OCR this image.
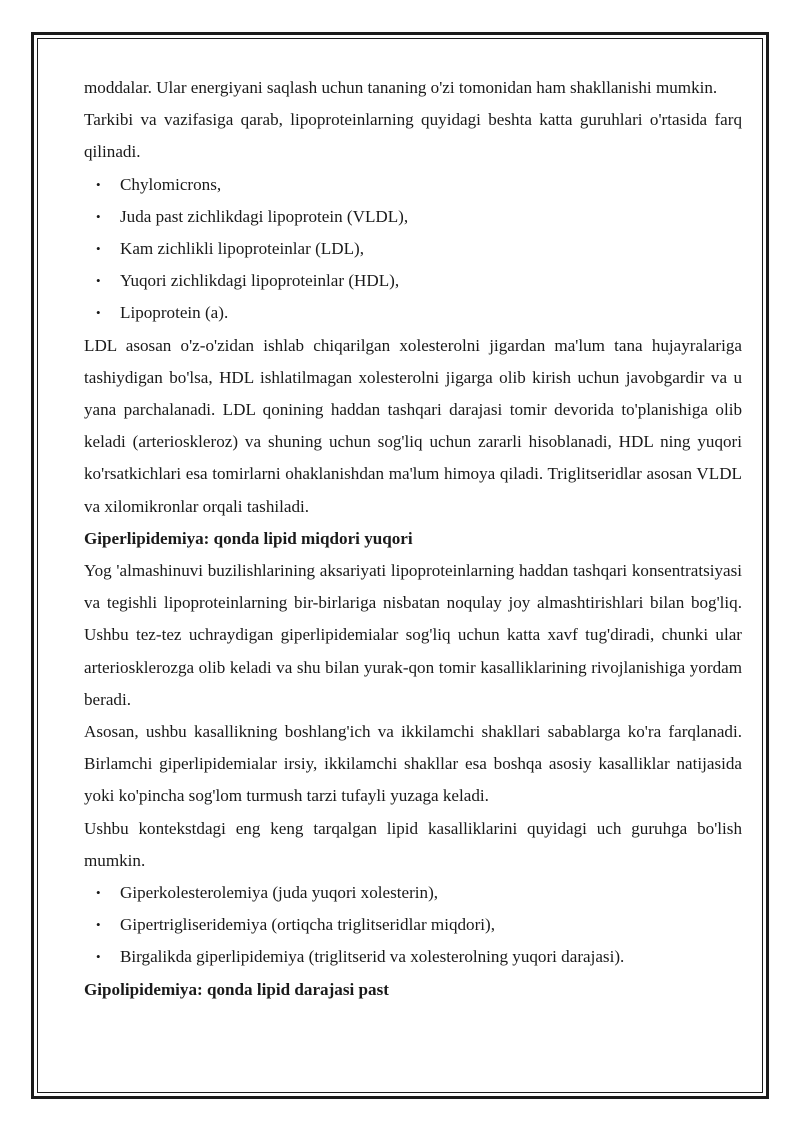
moddalar. Ular energiyani saqlash uchun tananing o'zi tomonidan ham shakllanishi mumkin.

Tarkibi va vazifasiga qarab, lipoproteinlarning quyidagi beshta katta guruhlari o'rtasida farq qilinadi.

• Chylomicrons,
• Juda past zichlikdagi lipoprotein (VLDL),
• Kam zichlikli lipoproteinlar (LDL),
• Yuqori zichlikdagi lipoproteinlar (HDL),
• Lipoprotein (a).

LDL asosan o'z-o'zidan ishlab chiqarilgan xolesterolni jigardan ma'lum tana hujayralariga tashiydigan bo'lsa, HDL ishlatilmagan xolesterolni jigarga olib kirish uchun javobgardir va u yana parchalanadi. LDL qonining haddan tashqari darajasi tomir devorida to'planishiga olib keladi (arterioskleroz) va shuning uchun sog'liq uchun zararli hisoblanadi, HDL ning yuqori ko'rsatkichlari esa tomirlarni ohaklanishdan ma'lum himoya qiladi. Triglitseridlar asosan VLDL va xilomikronlar orqali tashiladi.

Giperlipidemiya: qonda lipid miqdori yuqori

Yog 'almashinuvi buzilishlarining aksariyati lipoproteinlarning haddan tashqari konsentratsiyasi va tegishli lipoproteinlarning bir-birlariga nisbatan noqulay joy almashtirishlari bilan bog'liq. Ushbu tez-tez uchraydigan giperlipidemialar sog'liq uchun katta xavf tug'diradi, chunki ular arteriosklerozga olib keladi va shu bilan yurak-qon tomir kasalliklarining rivojlanishiga yordam beradi.

Asosan, ushbu kasallikning boshlang'ich va ikkilamchi shakllari sabablarga ko'ra farqlanadi. Birlamchi giperlipidemialar irsiy, ikkilamchi shakllar esa boshqa asosiy kasalliklar natijasida yoki ko'pincha sog'lom turmush tarzi tufayli yuzaga keladi.

Ushbu kontekstdagi eng keng tarqalgan lipid kasalliklarini quyidagi uch guruhga bo'lish mumkin.

• Giperkolesterolemiya (juda yuqori xolesterin),
• Gipertrigliseridemiya (ortiqcha triglitseridlar miqdori),
• Birgalikda giperlipidemiya (triglitserid va xolesterolning yuqori darajasi).
Gipolipidemiya: qonda lipid darajasi past
